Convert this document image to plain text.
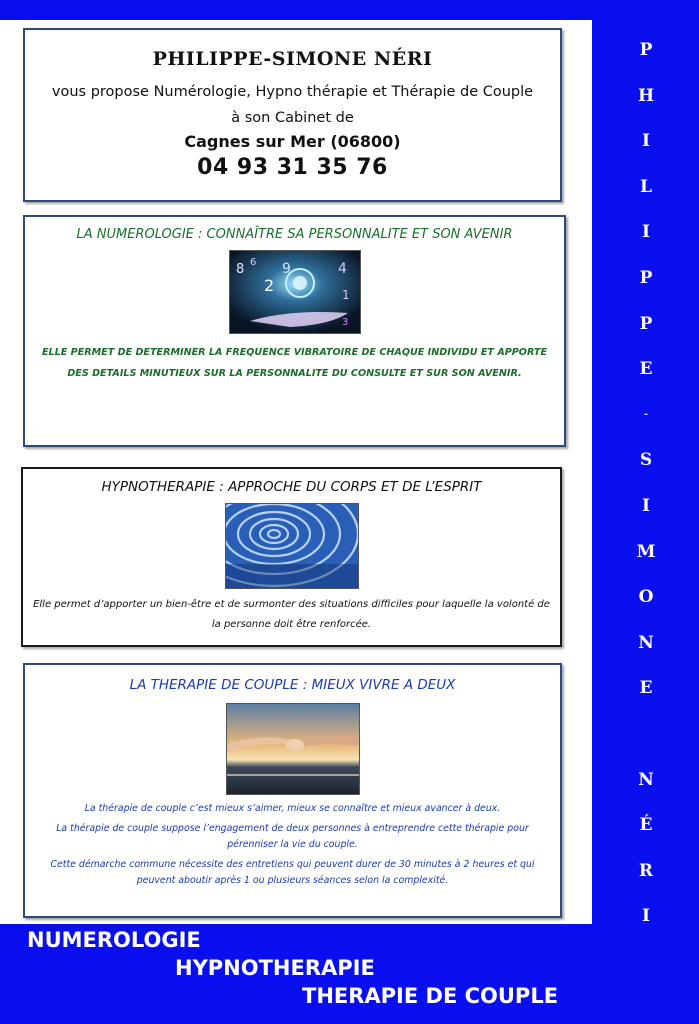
PHILIPPE-SIMONE NÉRI
vous propose Numérologie, Hypno thérapie et Thérapie de Couple
à son Cabinet de
Cagnes sur Mer (06800)
04 93 31 35 76
LA NUMEROLOGIE : CONNAÎTRE SA PERSONNALITE ET SON AVENIR
8 6
2
9	4
1
3
ELLE PERMET DE DETERMINER LA FREQUENCE VIBRATOIRE DE CHAQUE INDIVIDU ET APPORTE DES DETAILS MINUTIEUX SUR LA PERSONNALITE DU CONSULTE ET SUR SON AVENIR.
HYPNOTHERAPIE : APPROCHE DU CORPS ET DE L’ESPRIT
Elle permet d’apporter un bien-être et de surmonter des situations difficiles pour laquelle la volonté de la personne doit être renforcée.
LA THERAPIE DE COUPLE : MIEUX VIVRE A DEUX
La thérapie de couple c’est mieux s’aimer, mieux se connaître et mieux avancer à deux.
La thérapie de couple suppose l’engagement de deux personnes à entreprendre cette thérapie pour pérenniser la vie du couple.
Cette démarche commune nécessite des entretiens qui peuvent durer de 30 minutes à 2 heures et qui peuvent aboutir après 1 ou plusieurs séances selon la complexité.
P
H
I
L
I
P
P
E
-
S
I
M
O
N
E
N
É
R
I
NUMEROLOGIE
HYPNOTHERAPIE
THERAPIE DE COUPLE
